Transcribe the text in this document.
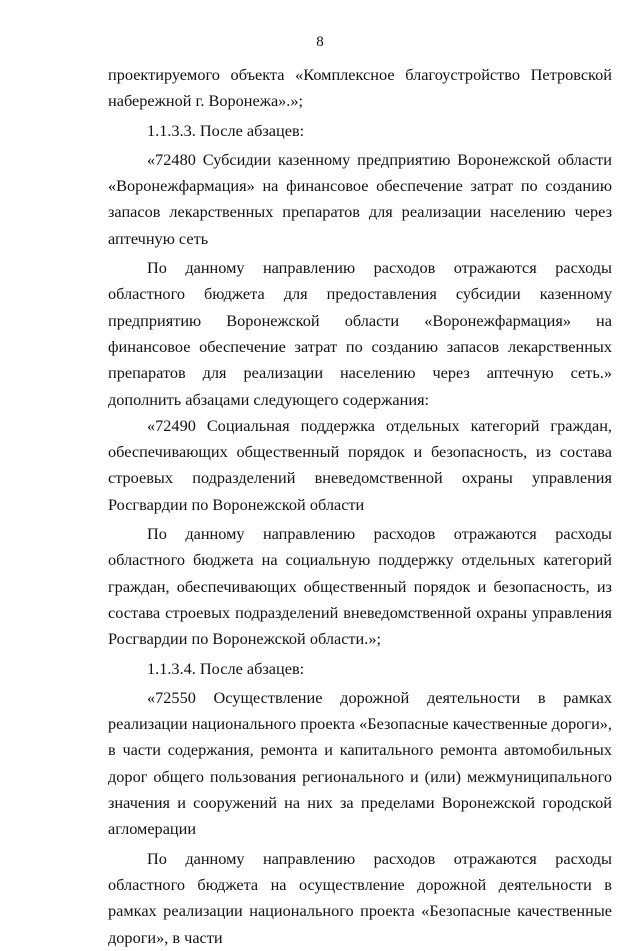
8

проектируемого объекта «Комплексное благоустройство Петровской набережной г. Воронежа».»;

1.1.3.3. После абзацев:

«72480 Субсидии казенному предприятию Воронежской области «Воронежфармация» на финансовое обеспечение затрат по созданию запасов лекарственных препаратов для реализации населению через аптечную сеть

По данному направлению расходов отражаются расходы областного бюджета для предоставления субсидии казенному предприятию Воронежской области «Воронежфармация» на финансовое обеспечение затрат по созданию запасов лекарственных препаратов для реализации населению через аптечную сеть.» дополнить абзацами следующего содержания:

«72490 Социальная поддержка отдельных категорий граждан, обеспечивающих общественный порядок и безопасность, из состава строевых подразделений вневедомственной охраны управления Росгвардии по Воронежской области

По данному направлению расходов отражаются расходы областного бюджета на социальную поддержку отдельных категорий граждан, обеспечивающих общественный порядок и безопасность, из состава строевых подразделений вневедомственной охраны управления Росгвардии по Воронежской области.»;

1.1.3.4. После абзацев:

«72550 Осуществление дорожной деятельности в рамках реализации национального проекта «Безопасные качественные дороги», в части содержания, ремонта и капитального ремонта автомобильных дорог общего пользования регионального и (или) межмуниципального значения и сооружений на них за пределами Воронежской городской агломерации

По данному направлению расходов отражаются расходы областного бюджета на осуществление дорожной деятельности в рамках реализации национального проекта «Безопасные качественные дороги», в части
